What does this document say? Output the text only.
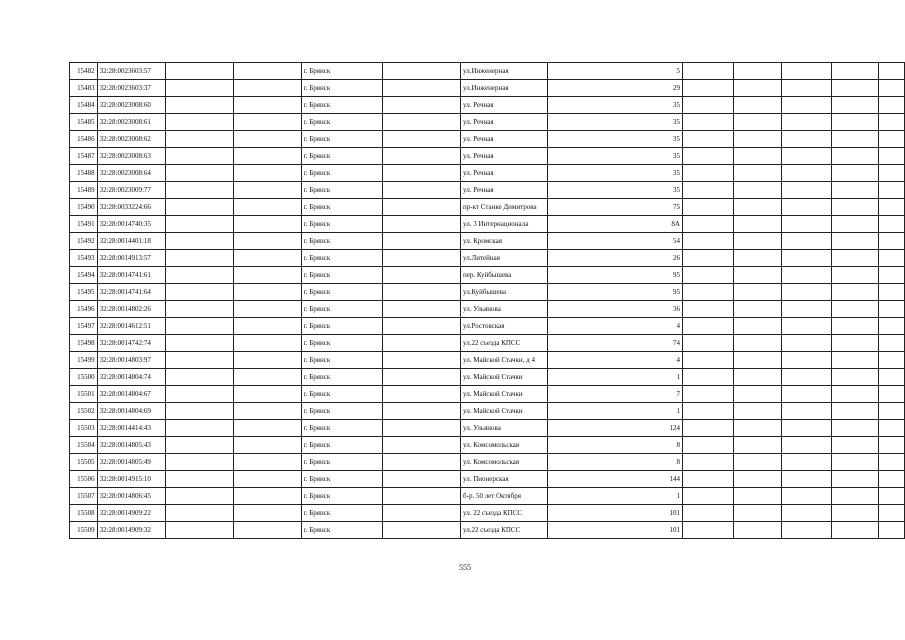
15482	32:28:0023603:57			г. Брянск		ул.Инженерная	5					
15483	32:28:0023603:37			г. Брянск		ул.Инженерная	29					
15484	32:28:0023008:60			г. Брянск		ул. Речная	35					
15485	32:28:0023008:61			г. Брянск		ул. Речная	35					
15486	32:28:0023008:62			г. Брянск		ул. Речная	35					
15487	32:28:0023008:63			г. Брянск		ул. Речная	35					
15488	32:28:0023008:64			г. Брянск		ул. Речная	35					
15489	32:28:0023009:77			г. Брянск		ул. Речная	35					
15490	32:28:0033224:66			г. Брянск		пр-кт Станке Димитрова	75					
15491	32:28:0014740:35			г. Брянск		ул. 3 Интернационала	8А					
15492	32:28:0014401:18			г. Брянск		ул. Кромская	54					
15493	32:28:0014913:57			г. Брянск		ул.Литейная	26					
15494	32:28:0014741:61			г. Брянск		пер. Куйбышева	95					
15495	32:28:0014741:64			г. Брянск		ул.Куйбышева	95					
15496	32:28:0014802:26			г. Брянск		ул. Ульянова	36					
15497	32:28:0014612:51			г. Брянск		ул.Ростовская	4					
15498	32:28:0014742:74			г. Брянск		ул.22 съезда КПСС	74					
15499	32:28:0014803:97			г. Брянск		ул. Майской Стачки, д 4	4					
15500	32:28:0014804:74			г. Брянск		ул. Майской Стачки	1					
15501	32:28:0014804:67			г. Брянск		ул. Майской Стачки	7					
15502	32:28:0014804:69			г. Брянск		ул. Майской Стачки	1					
15503	32:28:0014414:43			г. Брянск		ул. Ульянова	124					
15504	32:28:0014805:43			г. Брянск		ул. Комсомольская	8					
15505	32:28:0014805:49			г. Брянск		ул. Комсомольская	8					
15506	32:28:0014915:10			г. Брянск		ул. Пионерская	144					
15507	32:28:0014806:45			г. Брянск		б-р. 50 лет Октября	1					
15508	32:28:0014909:22			г. Брянск		ул. 22 съезда КПСС	101					
15509	32:28:0014909:32			г. Брянск		ул.22 съезда КПСС	101					
555
